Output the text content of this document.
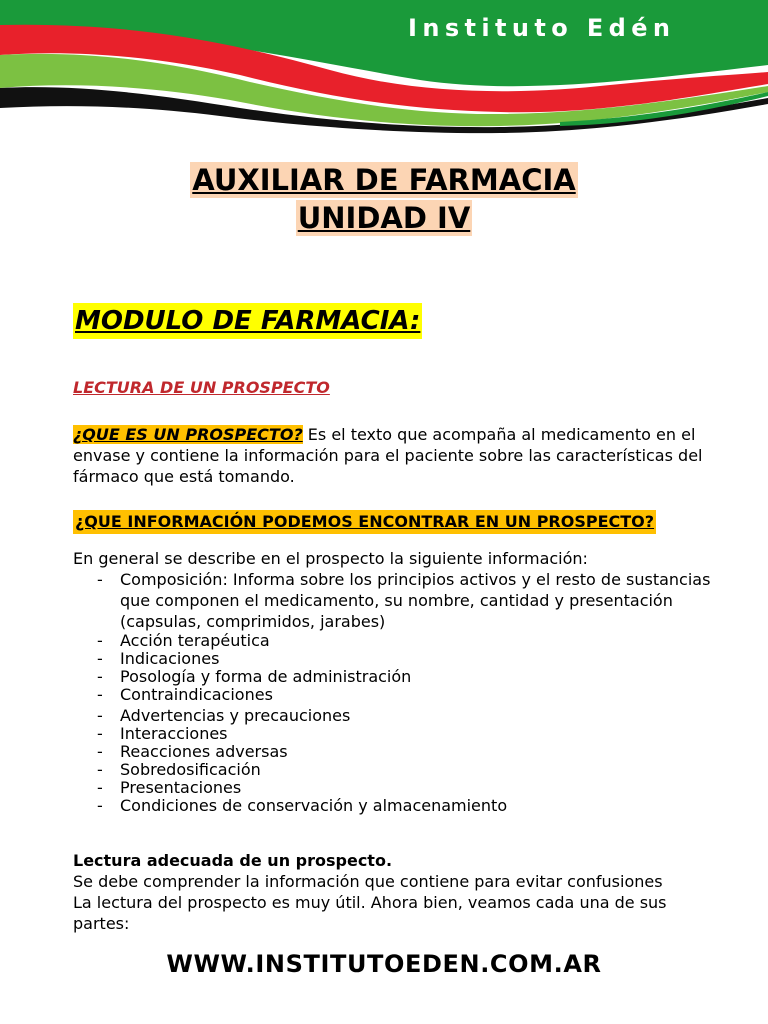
Instituto Edén
AUXILIAR DE FARMACIA
UNIDAD IV
MODULO DE FARMACIA:
LECTURA DE UN PROSPECTO
¿QUE ES UN PROSPECTO? Es el texto que acompaña al medicamento en el envase y contiene la información para el paciente sobre las características del fármaco que está tomando.
¿QUE INFORMACIÓN PODEMOS ENCONTRAR EN UN PROSPECTO?
En general se describe en el prospecto la siguiente información:
- Composición: Informa sobre los principios activos y el resto de sustancias que componen el medicamento, su nombre, cantidad y presentación (capsulas, comprimidos, jarabes)
- Acción terapéutica
- Indicaciones
- Posología y forma de administración
- Contraindicaciones
- Advertencias y precauciones
- Interacciones
- Reacciones adversas
- Sobredosificación
- Presentaciones
- Condiciones de conservación y almacenamiento
Lectura adecuada de un prospecto.
Se debe comprender la información que contiene para evitar confusiones La lectura del prospecto es muy útil. Ahora bien, veamos cada una de sus partes:
WWW.INSTITUTOEDEN.COM.AR
